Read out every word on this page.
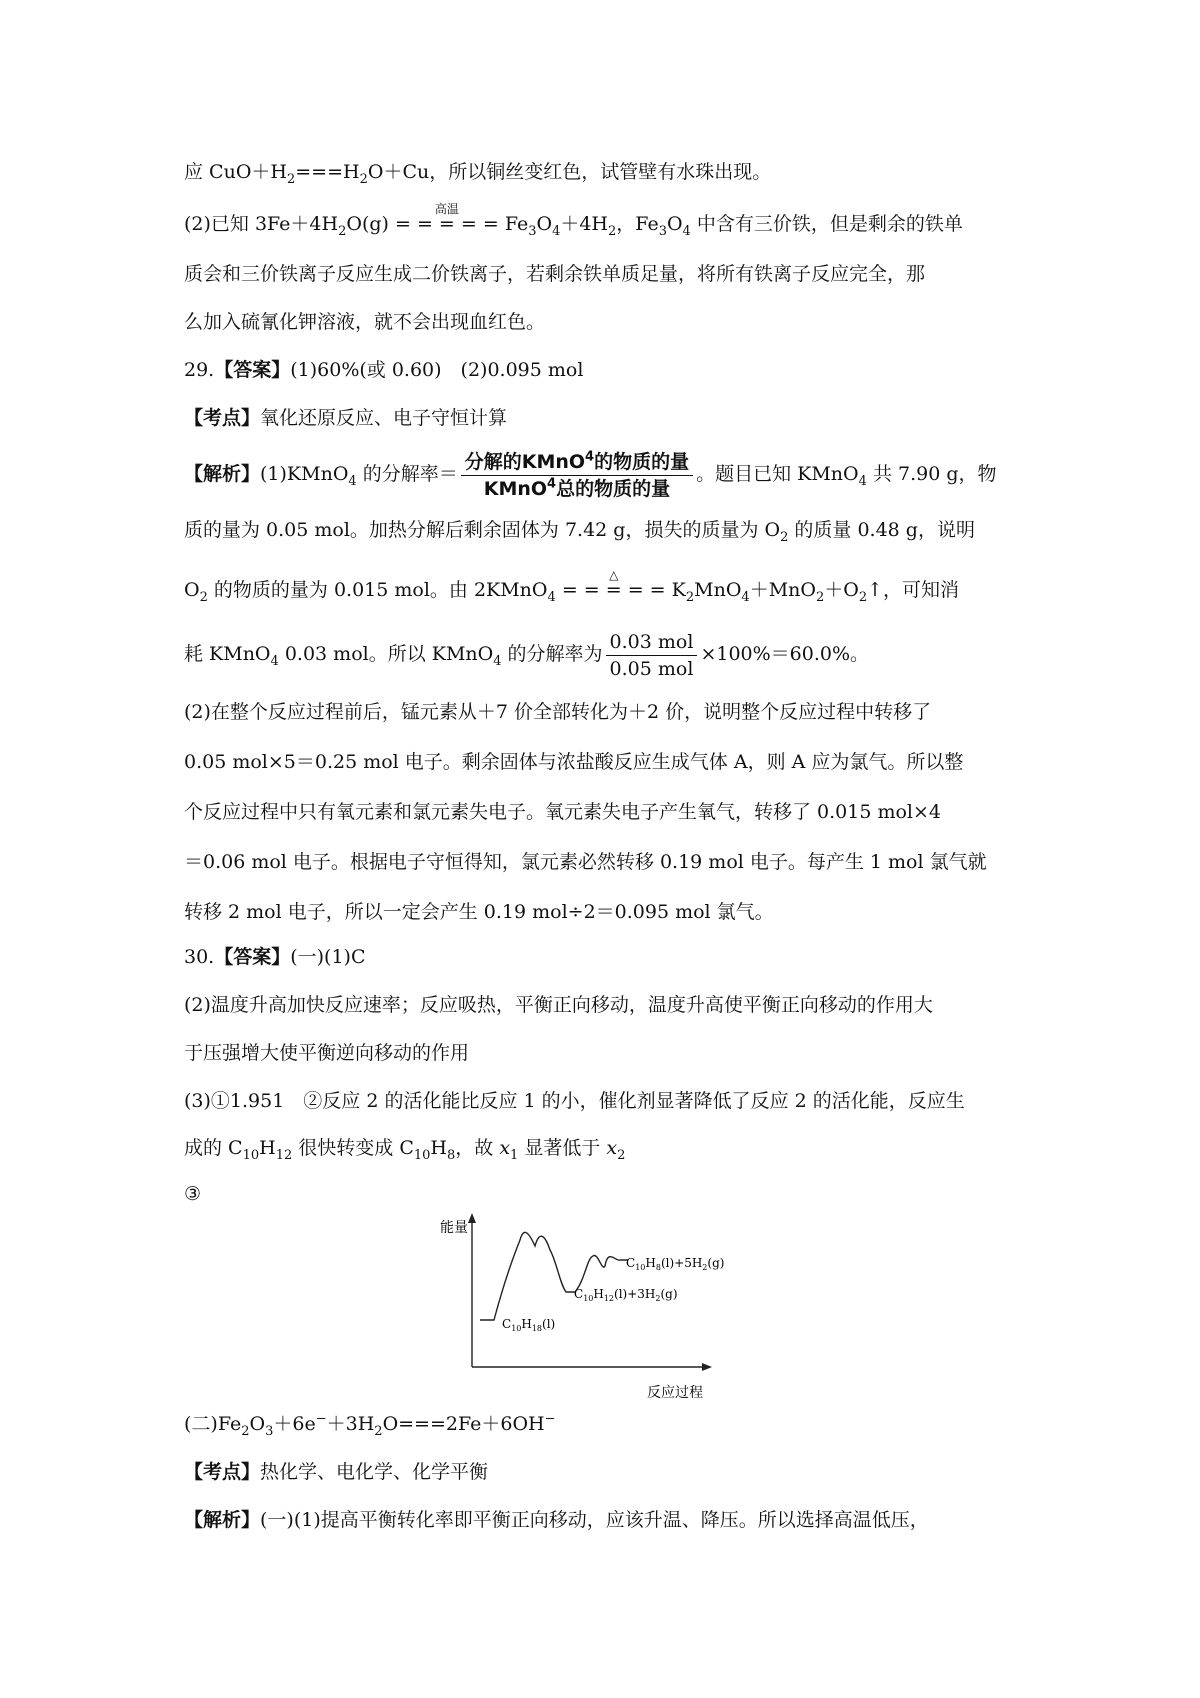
应 $CuO+H_2===H_2O+Cu$，所以铜丝变红色，试管壁有水珠出现。
(2)已知 $3Fe+4H_2O(g)$
高温
= = = = = $Fe_3O_4+4H_2$，$Fe_3O_4$ 中含有三价铁，但是剩余的铁单
质会和三价铁离子反应生成二价铁离子，若剩余铁单质足量，将所有铁离子反应完全，那
么加入硫氰化钾溶液，就不会出现血红色。
29.【答案】(1)60%(或 0.60)　(2)0.095 mol
【考点】氧化还原反应、电子守恒计算
【解析】(1)KMnO$_4$ 的分解率＝ $\frac{分解的KMnO^4的物质的量}{KMnO^4总的物质的量}$ 。题目已知 KMnO$_4$ 共 7.90 g，物
质的量为 0.05 mol。加热分解后剩余固体为 7.42 g，损失的质量为 $O_2$ 的质量 0.48 g，说明
$O_2$ 的物质的量为 0.015 mol。由 2KMnO$_4$
△
= = = = = $K_2MnO_4+MnO_2+O_2↑$，可知消
耗 KMnO$_4$ 0.03 mol。所以 KMnO$_4$ 的分解率为 $\frac{\text{0.03 mol}}{\text{0.05 mol}} \times 100\%=60.0\%$。
(2)在整个反应过程前后，锰元素从＋7 价全部转化为＋2 价，说明整个反应过程中转移了
0.05 mol×5＝0.25 mol 电子。剩余固体与浓盐酸反应生成气体 A，则 A 应为氯气。所以整
个反应过程中只有氧元素和氯元素失电子。氧元素失电子产生氧气，转移了 0.015 mol×4
＝0.06 mol 电子。根据电子守恒得知，氯元素必然转移 0.19 mol 电子。每产生 1 mol 氯气就
转移 2 mol 电子，所以一定会产生 0.19 mol÷2＝0.095 mol 氯气。
30.【答案】(一)(1)C
(2)温度升高加快反应速率；反应吸热，平衡正向移动，温度升高使平衡正向移动的作用大
于压强增大使平衡逆向移动的作用
(3)①1.951　②反应 2 的活化能比反应 1 的小，催化剂显著降低了反应 2 的活化能，反应生
成的 $C_{10}H_{12}$ 很快转变成 $C_{10}H_8$，故 $x_1$ 显著低于 $x_2$
③
能量
反应过程
$C_{10}H_{18}(l)$
$C_{10}H_{12}(l)+3H_2(g)$
$C_{10}H_8(l)+5H_2(g)$
(二)$Fe_2O_3+6e^-+3H_2O===2Fe+6OH^-$
【考点】热化学、电化学、化学平衡
【解析】(一)(1)提高平衡转化率即平衡正向移动，应该升温、降压。所以选择高温低压，
